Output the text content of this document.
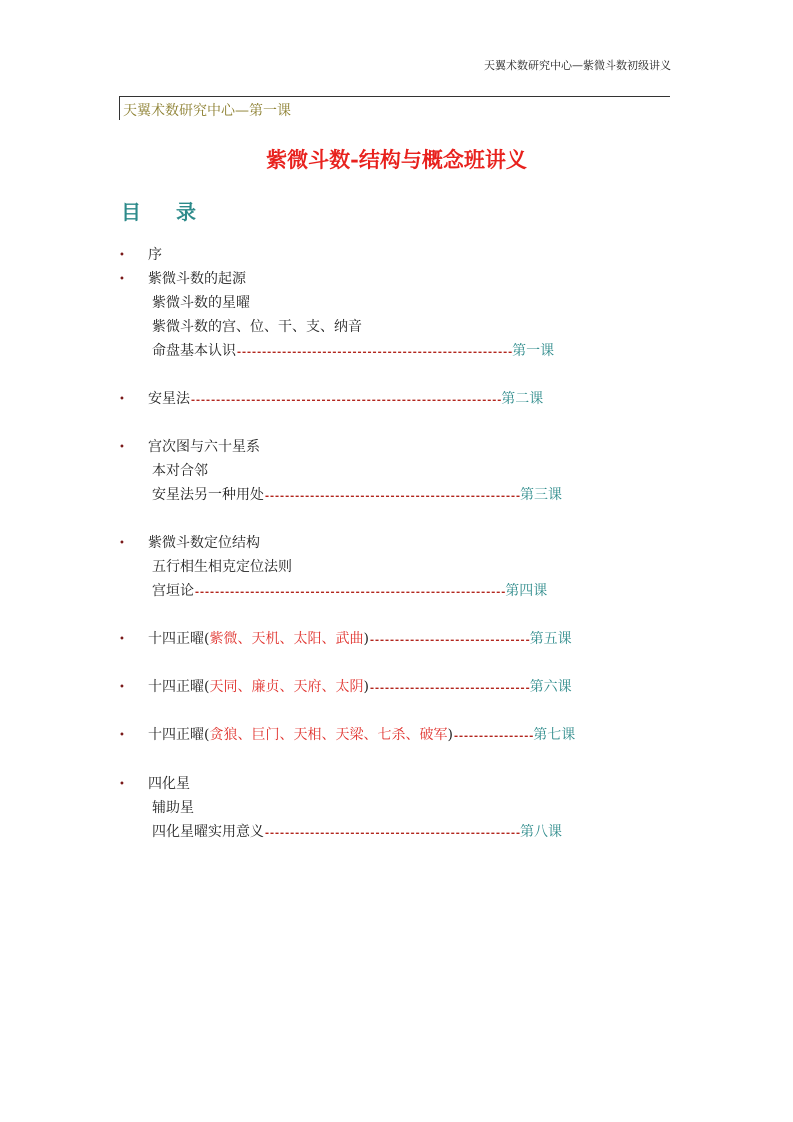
天翼术数研究中心—紫微斗数初级讲义
天翼术数研究中心—第一课
紫微斗数-结构与概念班讲义
目 录
• 序
• 紫微斗数的起源
紫微斗数的星曜
紫微斗数的宫、位、干、支、纳音
命盘基本认识-------------------------------------------------------第一课
• 安星法--------------------------------------------------------------第二课
• 宫次图与六十星系
本对合邻
安星法另一种用处---------------------------------------------------第三课
• 紫微斗数定位结构
五行相生相克定位法则
宫垣论--------------------------------------------------------------第四课
• 十四正曜(紫微、天机、太阳、武曲)--------------------------------第五课
• 十四正曜(天同、廉贞、天府、太阴)--------------------------------第六课
• 十四正曜(贪狼、巨门、天相、天梁、七杀、破军)----------------第七课
• 四化星
辅助星
四化星曜实用意义---------------------------------------------------第八课
